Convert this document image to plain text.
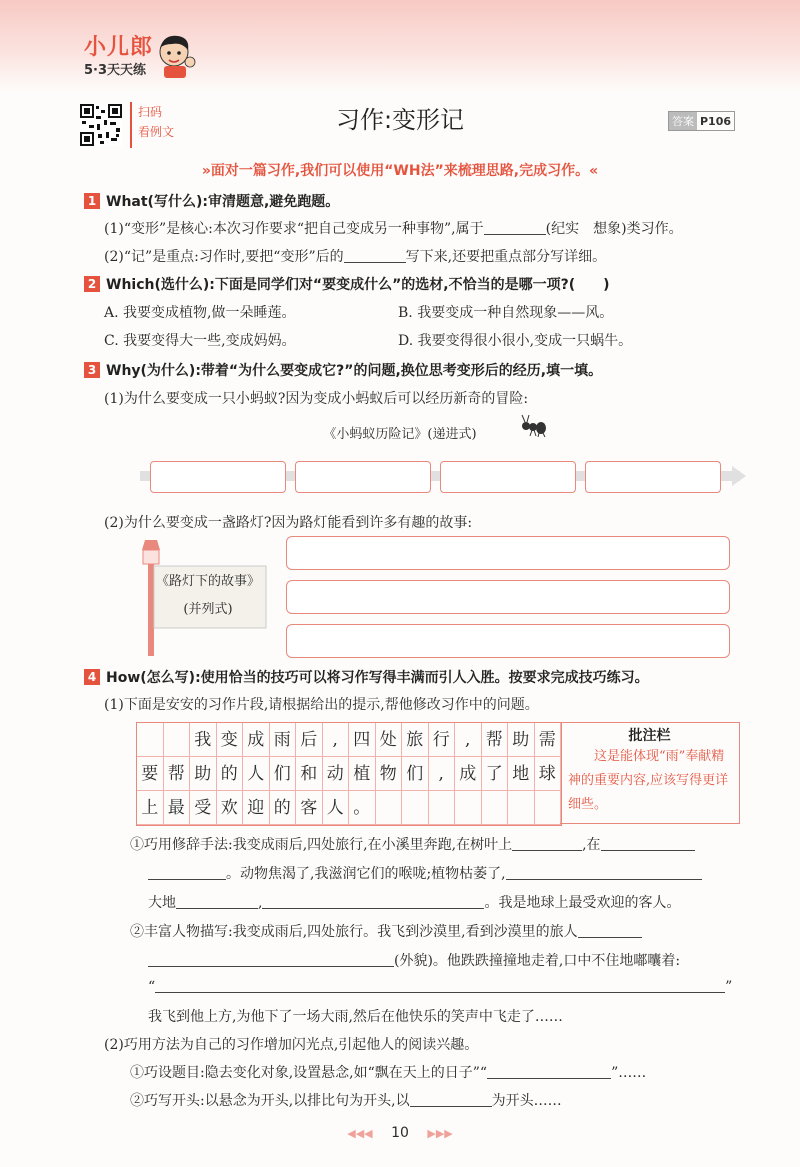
小儿郎
5·3天天练
扫码
看例文	习作:变形记	答案 P106
»面对一篇习作,我们可以使用“WH法”来梳理思路,完成习作。«
1 What(写什么):审清题意,避免跑题。
(1)“变形”是核心:本次习作要求“把自己变成另一种事物”,属于	(纪实　想象)类习作。
(2)“记”是重点:习作时,要把“变形”后的	写下来,还要把重点部分写详细。
2 Which(选什么):下面是同学们对“要变成什么”的选材,不恰当的是哪一项?(　　)
A. 我要变成植物,做一朵睡莲。	B. 我要变成一种自然现象——风。
C. 我要变得大一些,变成妈妈。	D. 我要变得很小很小,变成一只蜗牛。
3 Why(为什么):带着“为什么要变成它?”的问题,换位思考变形后的经历,填一填。
(1)为什么要变成一只小蚂蚁?因为变成小蚂蚁后可以经历新奇的冒险:
《小蚂蚁历险记》(递进式)
(2)为什么要变成一盏路灯?因为路灯能看到许多有趣的故事:
《路灯下的故事》
(并列式)
4 How(怎么写):使用恰当的技巧可以将习作写得丰满而引人入胜。按要求完成技巧练习。
(1)下面是安安的习作片段,请根据给出的提示,帮他修改习作中的问题。
我 变 成 雨 后 , 四 处 旅 行 , 帮 助 需
要 帮 助 的 人 们 和 动 植 物 们 , 成 了 地 球
上 最 受 欢 迎 的 客 人 。
批注栏
这是能体现“雨”奉献精神的重要内容,应该写得更详细些。
①巧用修辞手法:我变成雨后,四处旅行,在小溪里奔跑,在树叶上	,在
。动物焦渴了,我滋润它们的喉咙;植物枯萎了,
大地	,	。我是地球上最受欢迎的客人。
②丰富人物描写:我变成雨后,四处旅行。我飞到沙漠里,看到沙漠里的旅人
(外貌)。他跌跌撞撞地走着,口中不住地嘟囔着:
“	”
我飞到他上方,为他下了一场大雨,然后在他快乐的笑声中飞走了……
(2)巧用方法为自己的习作增加闪光点,引起他人的阅读兴趣。
①巧设题目:隐去变化对象,设置悬念,如“飘在天上的日子”“	”……
②巧写开头:以悬念为开头,以排比句为开头,以	为开头……
◀◀◀ 10 ▶▶▶
